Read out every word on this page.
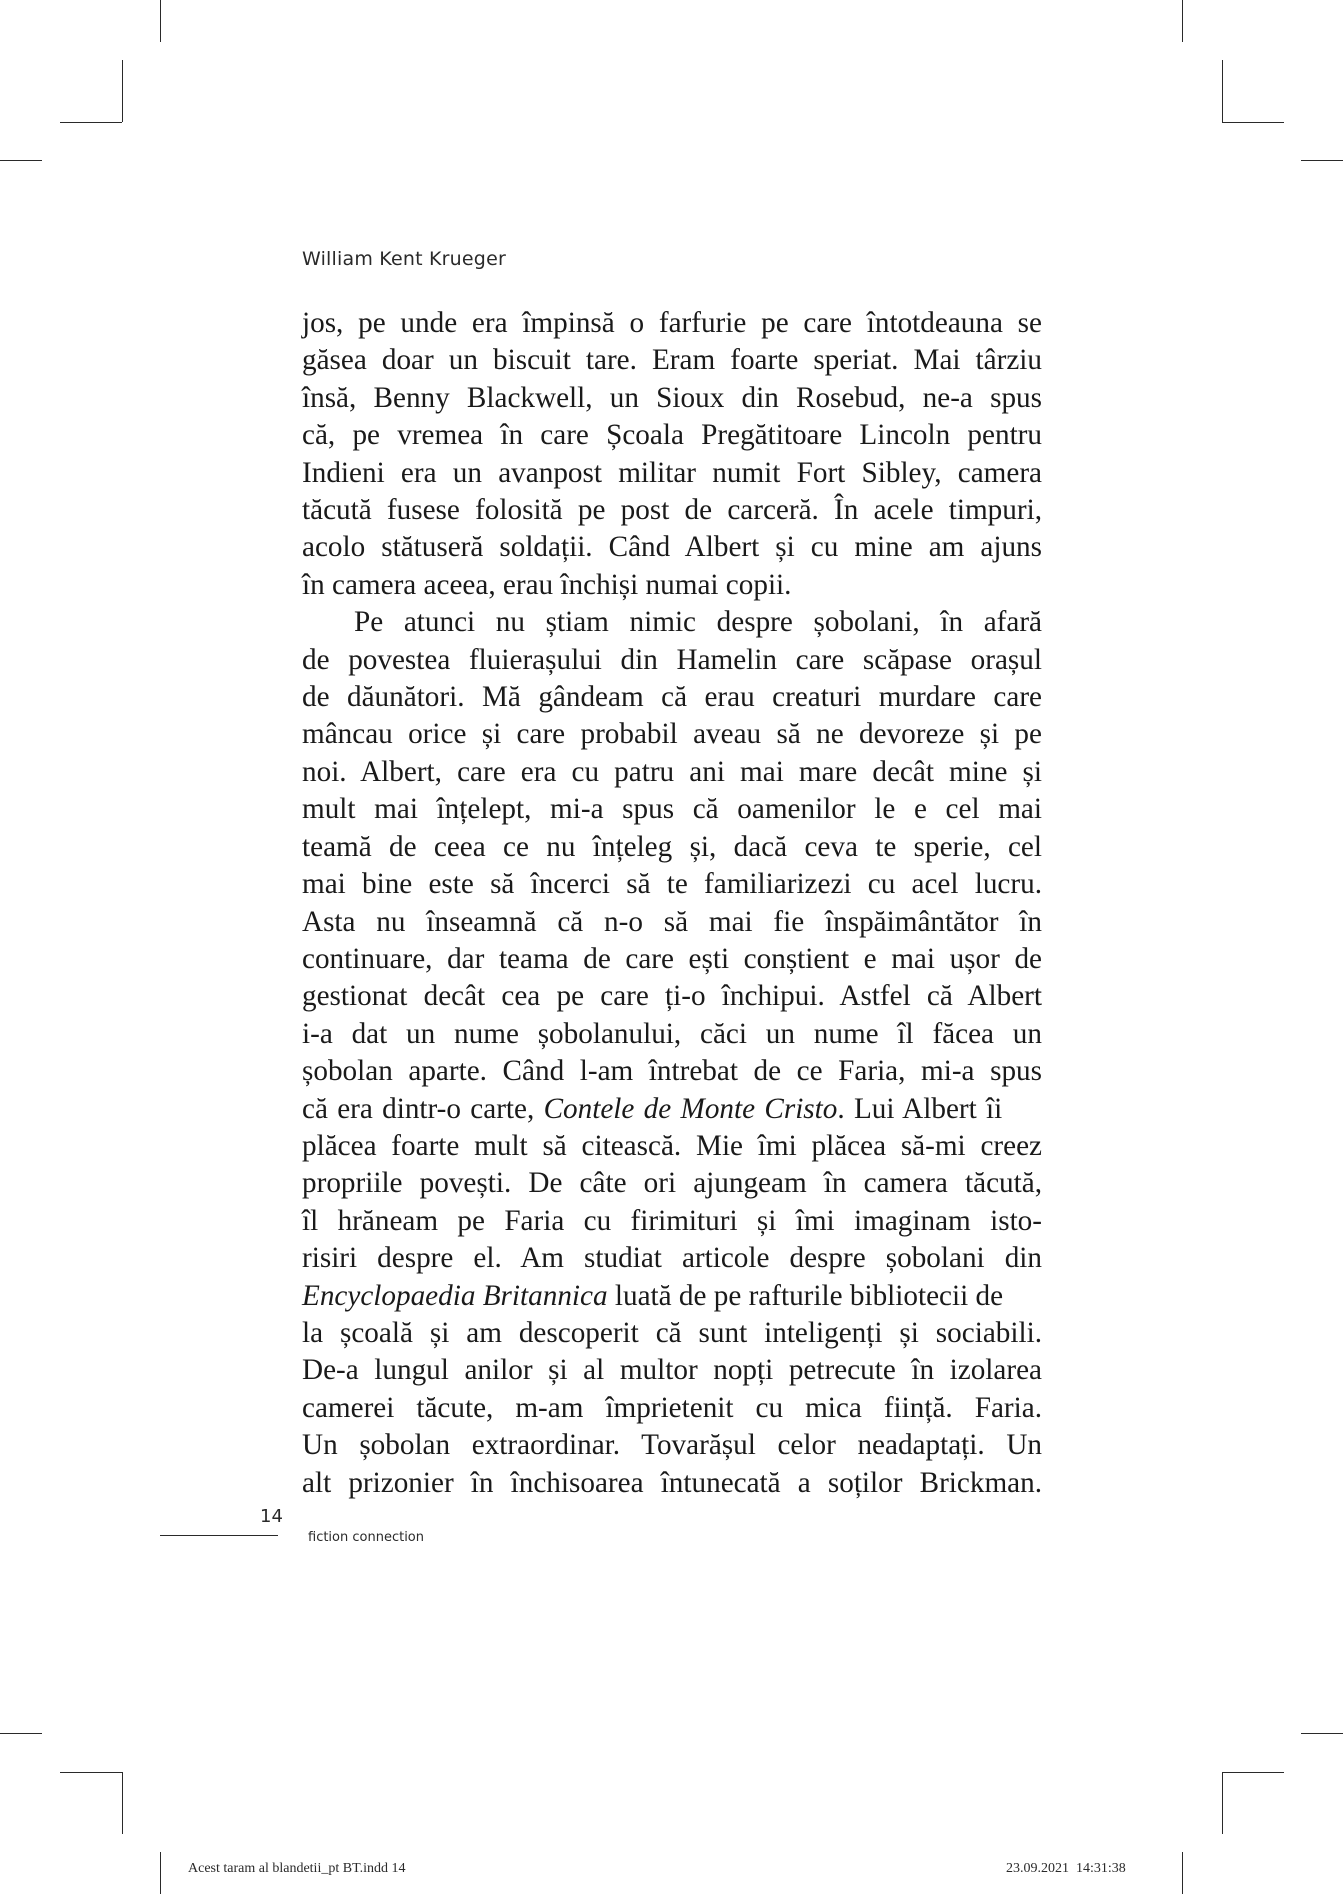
William Kent Krueger
jos, pe unde era împinsă o farfurie pe care întotdeauna se
găsea doar un biscuit tare. Eram foarte speriat. Mai târziu
însă, Benny Blackwell, un Sioux din Rosebud, ne-a spus
că, pe vremea în care Școala Pregătitoare Lincoln pentru
Indieni era un avanpost militar numit Fort Sibley, camera
tăcută fusese folosită pe post de carceră. În acele timpuri,
acolo stătuseră soldații. Când Albert și cu mine am ajuns
în camera aceea, erau închiși numai copii.
Pe atunci nu știam nimic despre șobolani, în afară
de povestea fluierașului din Hamelin care scăpase orașul
de dăunători. Mă gândeam că erau creaturi murdare care
mâncau orice și care probabil aveau să ne devoreze și pe
noi. Albert, care era cu patru ani mai mare decât mine și
mult mai înțelept, mi-a spus că oamenilor le e cel mai
teamă de ceea ce nu înțeleg și, dacă ceva te sperie, cel
mai bine este să încerci să te familiarizezi cu acel lucru.
Asta nu înseamnă că n-o să mai fie înspăimântător în
continuare, dar teama de care ești conștient e mai ușor de
gestionat decât cea pe care ți-o închipui. Astfel că Albert
i-a dat un nume șobolanului, căci un nume îl făcea un
șobolan aparte. Când l-am întrebat de ce Faria, mi-a spus
că era dintr-o carte, Contele de Monte Cristo. Lui Albert îi
plăcea foarte mult să citească. Mie îmi plăcea să-mi creez
propriile povești. De câte ori ajungeam în camera tăcută,
îl hrăneam pe Faria cu firimituri și îmi imaginam isto-
risiri despre el. Am studiat articole despre șobolani din
Encyclopaedia Britannica luată de pe rafturile bibliotecii de
la școală și am descoperit că sunt inteligenți și sociabili.
De-a lungul anilor și al multor nopți petrecute în izolarea
camerei tăcute, m-am împrietenit cu mica ființă. Faria.
Un șobolan extraordinar. Tovarășul celor neadaptați. Un
alt prizonier în închisoarea întunecată a soților Brickman.
14
fiction connection
Acest taram al blandetii_pt BT.indd 14	23.09.2021 14:31:38
